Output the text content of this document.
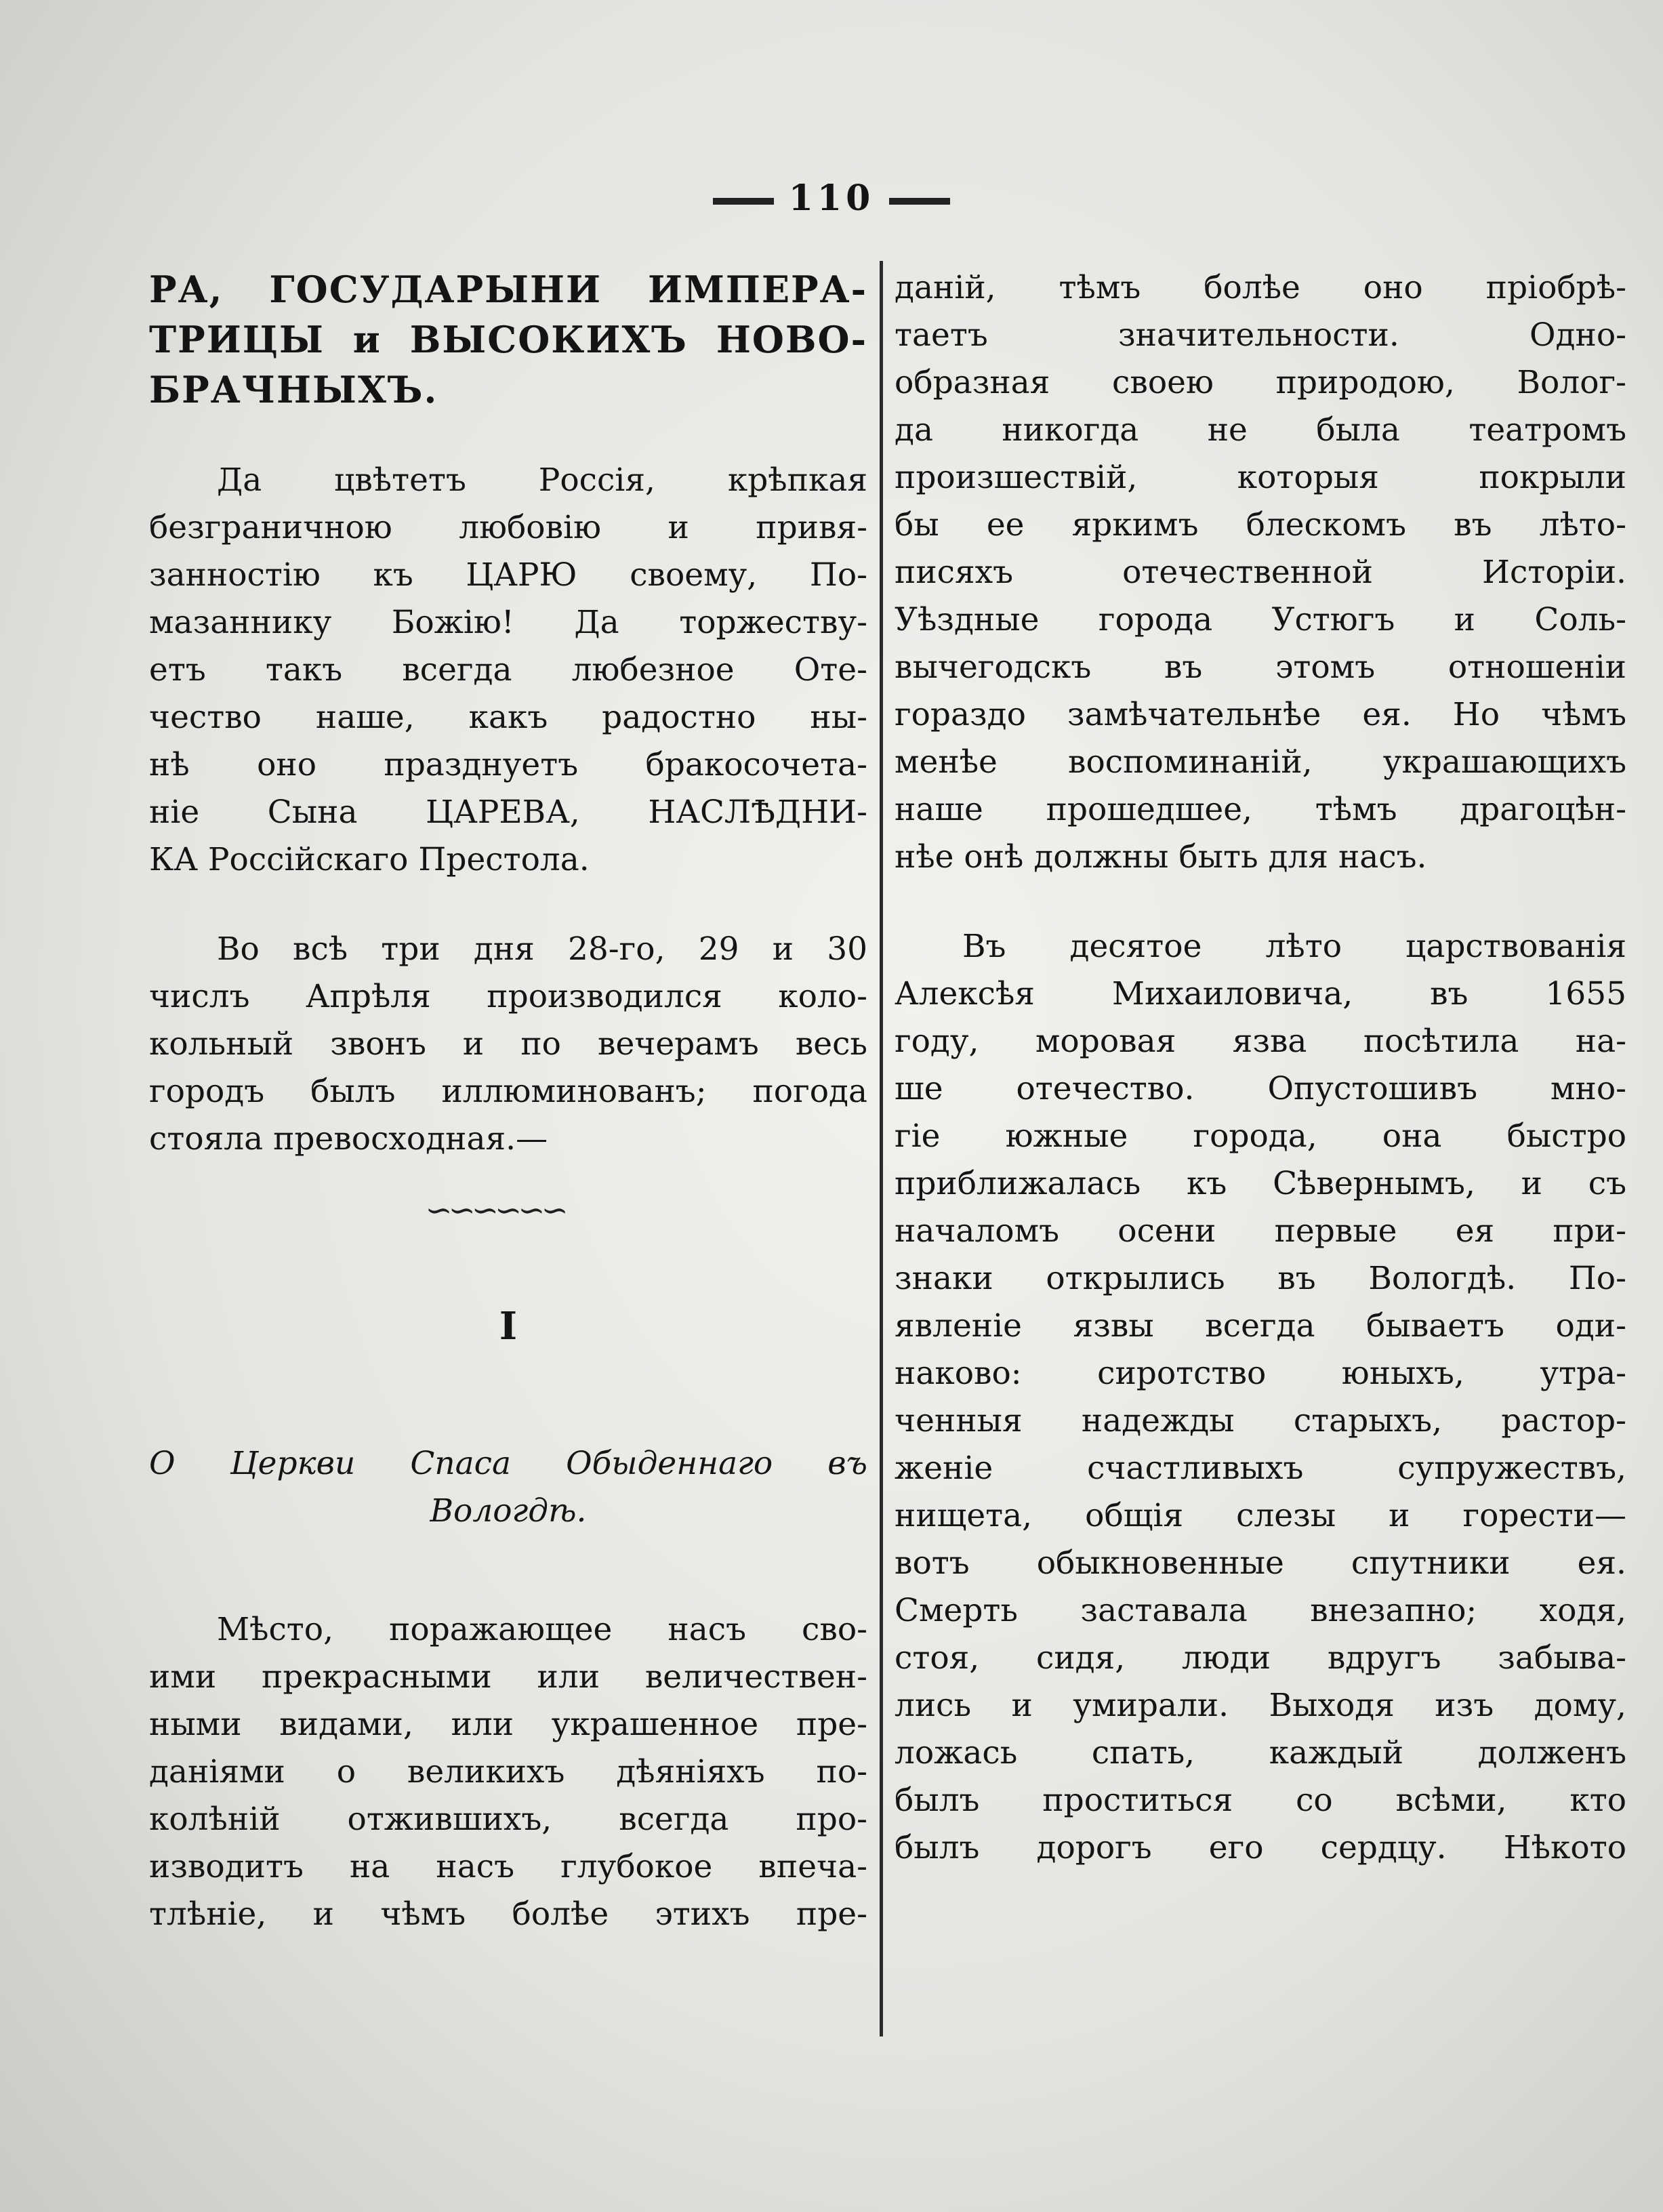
110
РА, ГОСУДАРЫНИ ИМПЕРА-
ТРИЦЫ и ВЫСОКИХЪ НОВО-
БРАЧНЫХЪ.
Да цвѣтетъ Россія, крѣпкая
безграничною любовію и привя-
занностію къ ЦАРЮ своему, По-
мазаннику Божію! Да торжеству-
етъ такъ всегда любезное Оте-
чество наше, какъ радостно ны-
нѣ оно празднуетъ бракосочета-
ніе Сына ЦАРЕВА, НАСЛѢДНИ-
КА Россійскаго Престола.
Во всѣ три дня 28-го, 29 и 30
числъ Апрѣля производился коло-
кольный звонъ и по вечерамъ весь
городъ былъ иллюминованъ; погода
стояла превосходная.—
∽∽∽∽∽∽
I
О Церкви Спаса Обыденнаго въ
Вологдѣ.
Мѣсто, поражающее насъ сво-
ими прекрасными или величествен-
ными видами, или украшенное пре-
даніями о великихъ дѣяніяхъ по-
колѣній отжившихъ, всегда про-
изводитъ на насъ глубокое впеча-
тлѣніе, и чѣмъ болѣе этихъ пре-
даній, тѣмъ болѣе оно пріобрѣ-
таетъ значительности. Одно-
образная своею природою, Волог-
да никогда не была театромъ
произшествій, которыя покрыли
бы ее яркимъ блескомъ въ лѣто-
писяхъ отечественной Исторіи.
Уѣздные города Устюгъ и Соль-
вычегодскъ въ этомъ отношеніи
гораздо замѣчательнѣе ея. Но чѣмъ
менѣе воспоминаній, украшающихъ
наше прошедшее, тѣмъ драгоцѣн-
нѣе онѣ должны быть для насъ.
Въ десятое лѣто царствованія
Алексѣя Михаиловича, въ 1655
году, моровая язва посѣтила на-
ше отечество. Опустошивъ мно-
гіе южные города, она быстро
приближалась къ Сѣвернымъ, и съ
началомъ осени первые ея при-
знаки открылись въ Вологдѣ. По-
явленіе язвы всегда бываетъ оди-
наково: сиротство юныхъ, утра-
ченныя надежды старыхъ, растор-
женіе счастливыхъ супружествъ,
нищета, общія слезы и горести—
вотъ обыкновенные спутники ея.
Смерть заставала внезапно; ходя,
стоя, сидя, люди вдругъ забыва-
лись и умирали. Выходя изъ дому,
ложась спать, каждый долженъ
былъ проститься со всѣми, кто
былъ дорогъ его сердцу. Нѣкото
